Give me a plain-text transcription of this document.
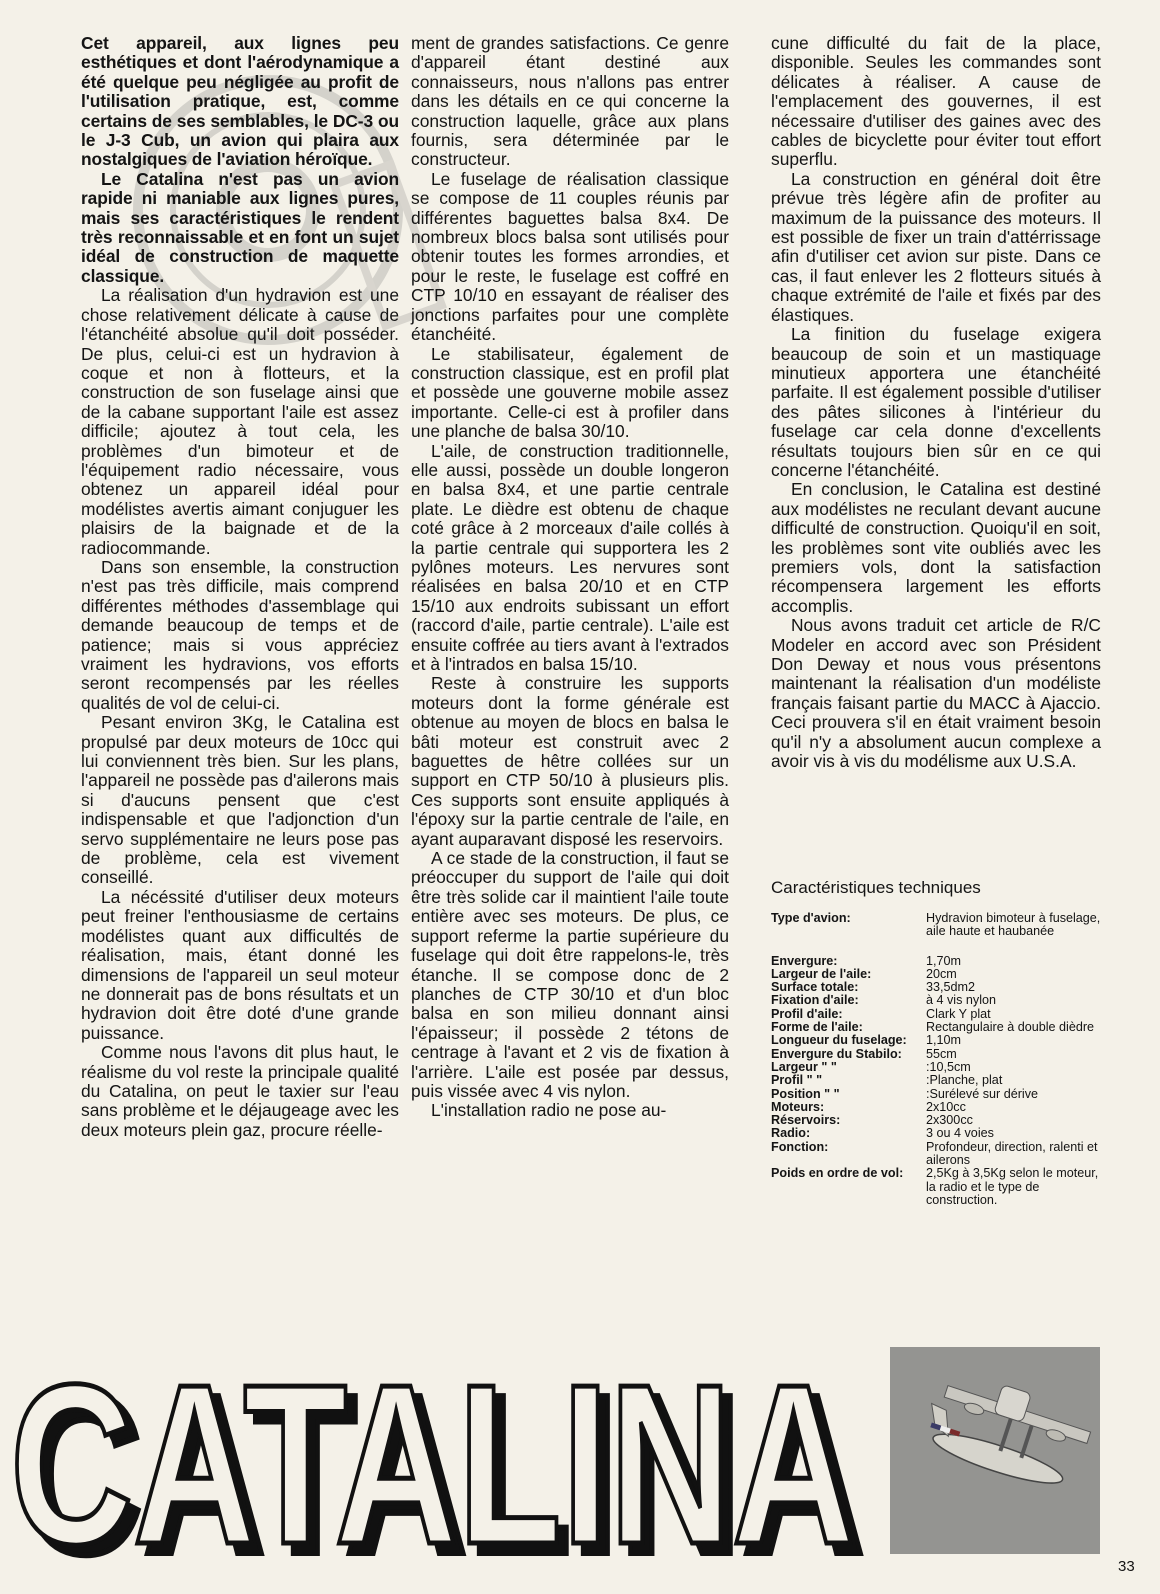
Cet appareil, aux lignes peu esthétiques et dont l'aérodynamique a été quelque peu négligée au profit de l'utilisation pratique, est, comme certains de ses semblables, le DC-3 ou le J-3 Cub, un avion qui plaira aux nostalgiques de l'aviation héroïque.

Le Catalina n'est pas un avion rapide ni maniable aux lignes pures, mais ses caractéristiques le rendent très reconnaissable et en font un sujet idéal de construction de maquette classique.

La réalisation d'un hydravion est une chose relativement délicate à cause de l'étanchéité absolue qu'il doit posséder. De plus, celui-ci est un hydravion à coque et non à flotteurs, et la construction de son fuselage ainsi que de la cabane supportant l'aile est assez difficile; ajoutez à tout cela, les problèmes d'un bimoteur et de l'équipement radio nécessaire, vous obtenez un appareil idéal pour modélistes avertis aimant conjuguer les plaisirs de la baignade et de la radiocommande.

Dans son ensemble, la construction n'est pas très difficile, mais comprend différentes méthodes d'assemblage qui demande beaucoup de temps et de patience; mais si vous appréciez vraiment les hydravions, vos efforts seront recompensés par les réelles qualités de vol de celui-ci.

Pesant environ 3Kg, le Catalina est propulsé par deux moteurs de 10cc qui lui conviennent très bien. Sur les plans, l'appareil ne possède pas d'ailerons mais si d'aucuns pensent que c'est indispensable et que l'adjonction d'un servo supplémentaire ne leurs pose pas de problème, cela est vivement conseillé.

La nécéssité d'utiliser deux moteurs peut freiner l'enthousiasme de certains modélistes quant aux difficultés de réalisation, mais, étant donné les dimensions de l'appareil un seul moteur ne donnerait pas de bons résultats et un hydravion doit être doté d'une grande puissance.

Comme nous l'avons dit plus haut, le réalisme du vol reste la principale qualité du Catalina, on peut le taxier sur l'eau sans problème et le déjaugeage avec les deux moteurs plein gaz, procure réelle-

ment de grandes satisfactions. Ce genre d'appareil étant destiné aux connaisseurs, nous n'allons pas entrer dans les détails en ce qui concerne la construction laquelle, grâce aux plans fournis, sera déterminée par le constructeur.

Le fuselage de réalisation classique se compose de 11 couples réunis par différentes baguettes balsa 8x4. De nombreux blocs balsa sont utilisés pour obtenir toutes les formes arrondies, et pour le reste, le fuselage est coffré en CTP 10/10 en essayant de réaliser des jonctions parfaites pour une complète étanchéité.

Le stabilisateur, également de construction classique, est en profil plat et possède une gouverne mobile assez importante. Celle-ci est à profiler dans une planche de balsa 30/10.

L'aile, de construction traditionnelle, elle aussi, possède un double longeron en balsa 8x4, et une partie centrale plate. Le dièdre est obtenu de chaque coté grâce à 2 morceaux d'aile collés à la partie centrale qui supportera les 2 pylônes moteurs. Les nervures sont réalisées en balsa 20/10 et en CTP 15/10 aux endroits subissant un effort (raccord d'aile, partie centrale). L'aile est ensuite coffrée au tiers avant à l'extrados et à l'intrados en balsa 15/10.

Reste à construire les supports moteurs dont la forme générale est obtenue au moyen de blocs en balsa le bâti moteur est construit avec 2 baguettes de hêtre collées sur un support en CTP 50/10 à plusieurs plis. Ces supports sont ensuite appliqués à l'époxy sur la partie centrale de l'aile, en ayant auparavant disposé les reservoirs.

A ce stade de la construction, il faut se préoccuper du support de l'aile qui doit être très solide car il maintient l'aile toute entière avec ses moteurs. De plus, ce support referme la partie supérieure du fuselage qui doit être rappelons-le, très étanche. Il se compose donc de 2 planches de CTP 30/10 et d'un bloc balsa en son milieu donnant ainsi l'épaisseur; il possède 2 tétons de centrage à l'avant et 2 vis de fixation à l'arrière. L'aile est posée par dessus, puis vissée avec 4 vis nylon.

L'installation radio ne pose au-

cune difficulté du fait de la place, disponible. Seules les commandes sont délicates à réaliser. A cause de l'emplacement des gouvernes, il est nécessaire d'utiliser des gaines avec des cables de bicyclette pour éviter tout effort superflu.

La construction en général doit être prévue très légère afin de profiter au maximum de la puissance des moteurs. Il est possible de fixer un train d'attérrissage afin d'utiliser cet avion sur piste. Dans ce cas, il faut enlever les 2 flotteurs situés à chaque extrémité de l'aile et fixés par des élastiques.

La finition du fuselage exigera beaucoup de soin et un mastiquage minutieux apportera une étanchéité parfaite. Il est également possible d'utiliser des pâtes silicones à l'intérieur du fuselage car cela donne d'excellents résultats toujours bien sûr en ce qui concerne l'étanchéité.

En conclusion, le Catalina est destiné aux modélistes ne reculant devant aucune difficulté de construction. Quoiqu'il en soit, les problèmes sont vite oubliés avec les premiers vols, dont la satisfaction récompensera largement les efforts accomplis.

Nous avons traduit cet article de R/C Modeler en accord avec son Président Don Deway et nous vous présentons maintenant la réalisation d'un modéliste français faisant partie du MACC à Ajaccio. Ceci prouvera s'il en était vraiment besoin qu'il n'y a absolument aucun complexe a avoir vis à vis du modélisme aux U.S.A.

Caractéristiques techniques
Type d'avion:	Hydravion bimoteur à fuselage, aile haute et haubanée
Envergure:	1,70m
Largeur de l'aile:	20cm
Surface totale:	33,5dm2
Fixation d'aile:	à 4 vis nylon
Profil d'aile:	Clark Y plat
Forme de l'aile:	Rectangulaire à double dièdre
Longueur du fuselage:	1,10m
Envergure du Stabilo:	55cm
Largeur " "	:10,5cm
Profil " "	:Planche, plat
Position " "	:Surélevé sur dérive
Moteurs:	2x10cc
Réservoirs:	2x300cc
Radio:	3 ou 4 voies
Fonction:	Profondeur, direction, ralenti et ailerons
Poids en ordre de vol:	2,5Kg à 3,5Kg selon le moteur, la radio et le type de construction.
CATALINA
CATALINA	33
